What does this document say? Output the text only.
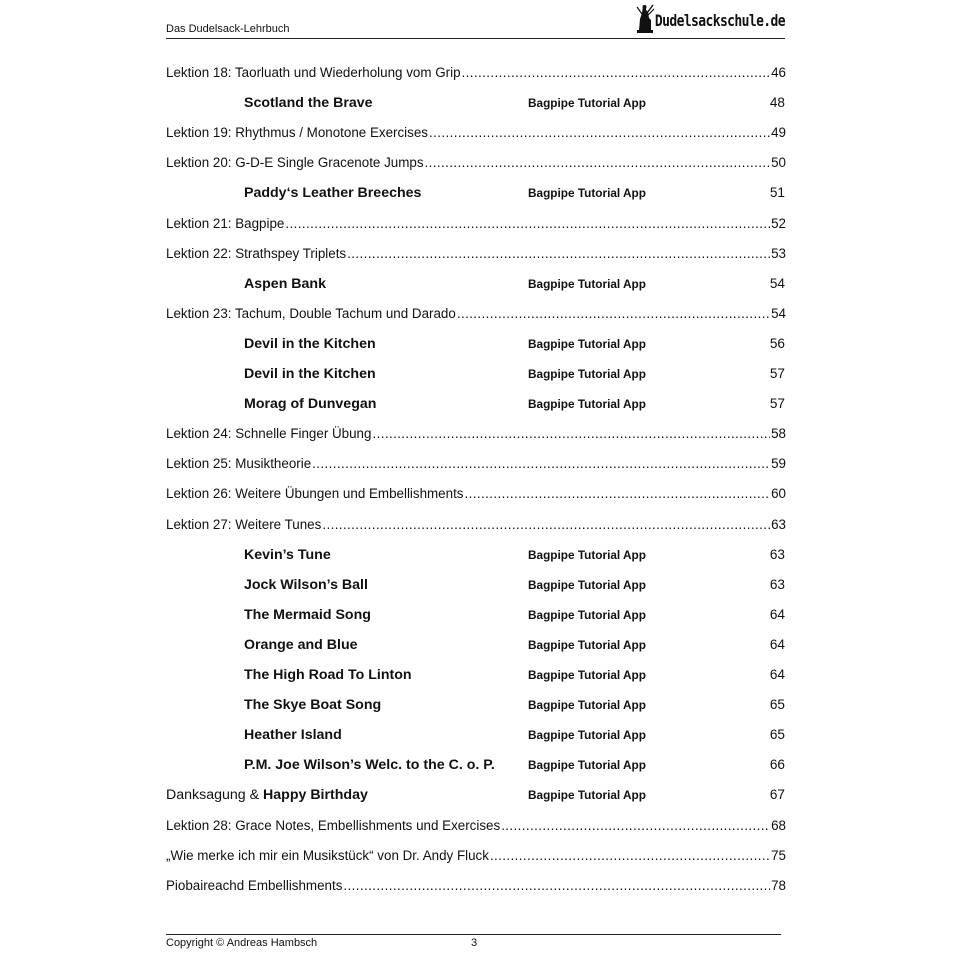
Das Dudelsack-Lehrbuch	Dudelsackschule.de
Lektion 18: Taorluath und Wiederholung vom Grip .....	46
Scotland the Brave	Bagpipe Tutorial App	48
Lektion 19: Rhythmus / Monotone Exercises .....	49
Lektion 20: G-D-E Single Gracenote Jumps .....	50
Paddy‘s Leather Breeches	Bagpipe Tutorial App	51
Lektion 21: Bagpipe .....	52
Lektion 22: Strathspey Triplets .....	53
Aspen Bank	Bagpipe Tutorial App	54
Lektion 23: Tachum, Double Tachum und Darado .....	54
Devil in the Kitchen	Bagpipe Tutorial App	56
Devil in the Kitchen	Bagpipe Tutorial App	57
Morag of Dunvegan	Bagpipe Tutorial App	57
Lektion 24: Schnelle Finger Übung .....	58
Lektion 25: Musiktheorie .....	59
Lektion 26: Weitere Übungen und Embellishments .....	60
Lektion 27: Weitere Tunes .....	63
Kevin’s Tune	Bagpipe Tutorial App	63
Jock Wilson’s Ball	Bagpipe Tutorial App	63
The Mermaid Song	Bagpipe Tutorial App	64
Orange and Blue	Bagpipe Tutorial App	64
The High Road To Linton	Bagpipe Tutorial App	64
The Skye Boat Song	Bagpipe Tutorial App	65
Heather Island	Bagpipe Tutorial App	65
P.M. Joe Wilson’s Welc. to the C. o. P.	Bagpipe Tutorial App	66
Danksagung & Happy Birthday	Bagpipe Tutorial App	67
Lektion 28: Grace Notes, Embellishments und Exercises .....	68
„Wie merke ich mir ein Musikstück“ von Dr. Andy Fluck .....	75
Piobaireachd Embellishments .....	78
Copyright © Andreas Hambsch	3
